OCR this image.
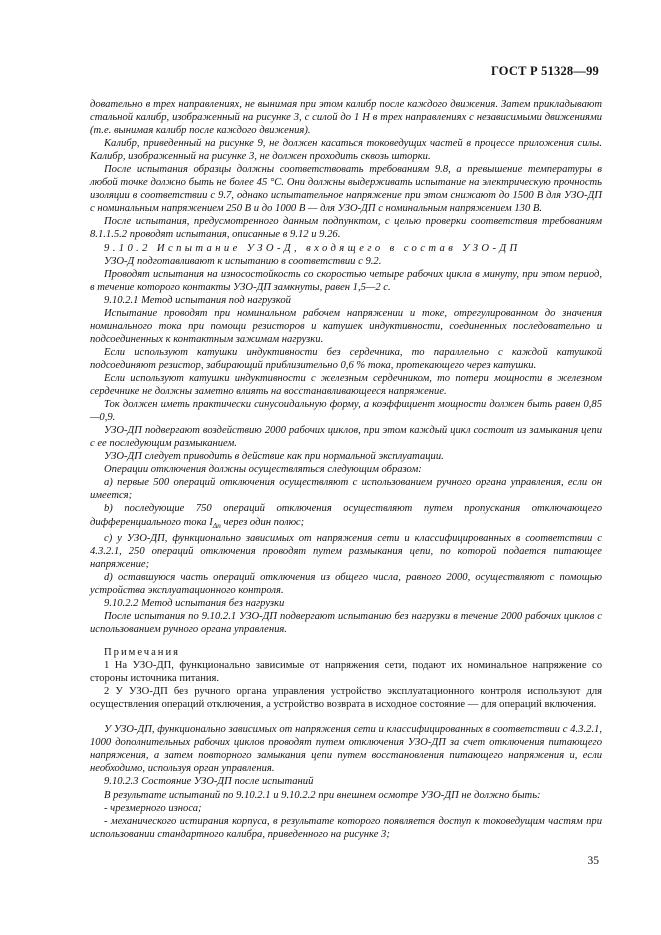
ГОСТ Р 51328—99

довательно в трех направлениях, не вынимая при этом калибр после каждого движения. Затем прикладывают стальной калибр, изображенный на рисунке 3, с силой до 1 Н в трех направлениях с независимыми движениями (т.е. вынимая калибр после каждого движения).

Калибр, приведенный на рисунке 9, не должен касаться токоведущих частей в процессе приложения силы. Калибр, изображенный на рисунке 3, не должен проходить сквозь шторки.

После испытания образцы должны соответствовать требованиям 9.8, а превышение температуры в любой точке должно быть не более 45 °С. Они должны выдерживать испытание на электрическую прочность изоляции в соответствии с 9.7, однако испытательное напряжение при этом снижают до 1500 В для УЗО-ДП с номинальным напряжением 250 В и до 1000 В — для УЗО-ДП с номинальным напряжением 130 В.

После испытания, предусмотренного данным подпунктом, с целью проверки соответствия требованиям 8.1.1.5.2 проводят испытания, описанные в 9.12 и 9.26.

9.10.2 Испытание УЗО-Д, входящего в состав УЗО-ДП

УЗО-Д подготавливают к испытанию в соответствии с 9.2.

Проводят испытания на износостойкость со скоростью четыре рабочих цикла в минуту, при этом период, в течение которого контакты УЗО-ДП замкнуты, равен 1,5—2 с.

9.10.2.1 Метод испытания под нагрузкой

Испытание проводят при номинальном рабочем напряжении и токе, отрегулированном до значения номинального тока при помощи резисторов и катушек индуктивности, соединенных последовательно и подсоединенных к контактным зажимам нагрузки.

Если используют катушки индуктивности без сердечника, то параллельно с каждой катушкой подсоединяют резистор, забирающий приблизительно 0,6 % тока, протекающего через катушки.

Если используют катушки индуктивности с железным сердечником, то потери мощности в железном сердечнике не должны заметно влиять на восстанавливающееся напряжение.

Ток должен иметь практически синусоидальную форму, а коэффициент мощности должен быть равен 0,85—0,9.

УЗО-ДП подвергают воздействию 2000 рабочих циклов, при этом каждый цикл состоит из замыкания цепи с ее последующим размыканием.

УЗО-ДП следует приводить в действие как при нормальной эксплуатации.

Операции отключения должны осуществляться следующим образом:

a) первые 500 операций отключения осуществляют с использованием ручного органа управления, если он имеется;

b) последующие 750 операций отключения осуществляют путем пропускания отключающего дифференциального тока $I_{\Delta n}$ через один полюс;

c) у УЗО-ДП, функционально зависимых от напряжения сети и классифицированных в соответствии с 4.3.2.1, 250 операций отключения проводят путем размыкания цепи, по которой подается питающее напряжение;

d) оставшуюся часть операций отключения из общего числа, равного 2000, осуществляют с помощью устройства эксплуатационного контроля.

9.10.2.2 Метод испытания без нагрузки

После испытания по 9.10.2.1 УЗО-ДП подвергают испытанию без нагрузки в течение 2000 рабочих циклов с использованием ручного органа управления.

Примечания

1 На УЗО-ДП, функционально зависимые от напряжения сети, подают их номинальное напряжение со стороны источника питания.

2 У УЗО-ДП без ручного органа управления устройство эксплуатационного контроля используют для осуществления операций отключения, а устройство возврата в исходное состояние — для операций включения.

У УЗО-ДП, функционально зависимых от напряжения сети и классифицированных в соответствии с 4.3.2.1, 1000 дополнительных рабочих циклов проводят путем отключения УЗО-ДП за счет отключения питающего напряжения, а затем повторного замыкания цепи путем восстановления питающего напряжения и, если необходимо, используя орган управления.

9.10.2.3 Состояние УЗО-ДП после испытаний

В результате испытаний по 9.10.2.1 и 9.10.2.2 при внешнем осмотре УЗО-ДП не должно быть:

- чрезмерного износа;

- механического истирания корпуса, в результате которого появляется доступ к токоведущим частям при использовании стандартного калибра, приведенного на рисунке 3;

35
